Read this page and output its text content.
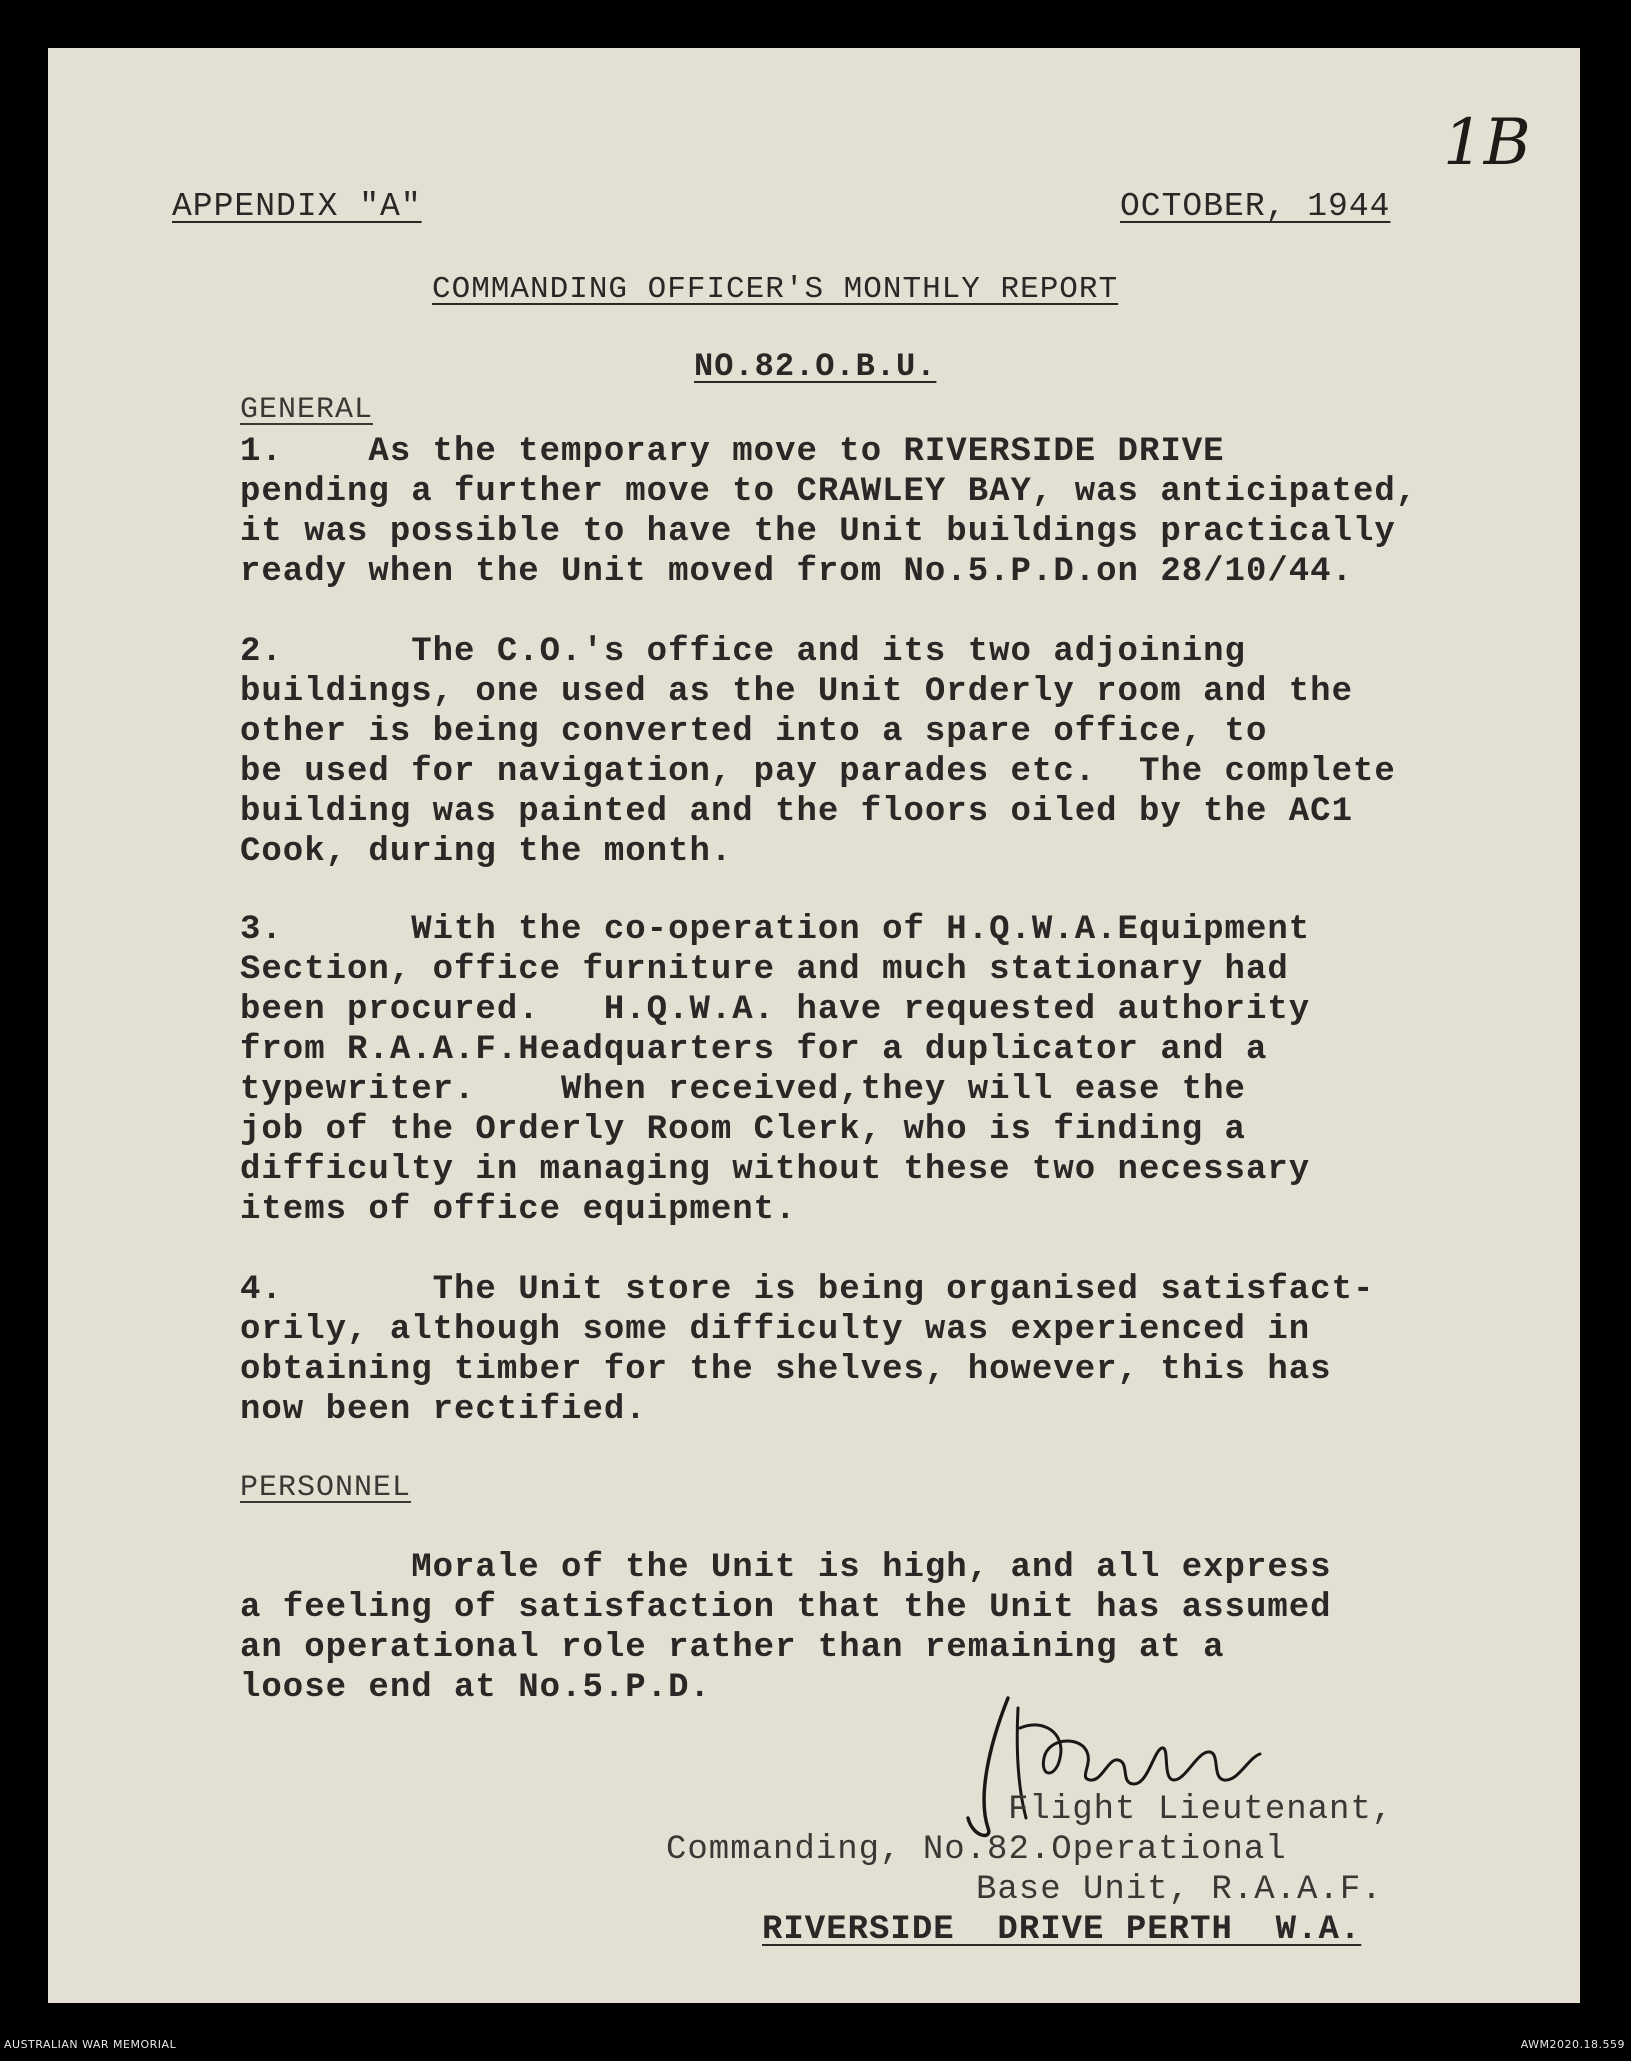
1B
APPENDIX "A"	OCTOBER, 1944
COMMANDING OFFICER'S MONTHLY REPORT
NO.82.O.B.U.
GENERAL
1.    As the temporary move to RIVERSIDE DRIVE
pending a further move to CRAWLEY BAY, was anticipated,
it was possible to have the Unit buildings practically
ready when the Unit moved from No.5.P.D.on 28/10/44.
2.      The C.O.'s office and its two adjoining
buildings, one used as the Unit Orderly room and the
other is being converted into a spare office, to
be used for navigation, pay parades etc.  The complete
building was painted and the floors oiled by the AC1
Cook, during the month.
3.      With the co-operation of H.Q.W.A.Equipment
Section, office furniture and much stationary had
been procured.   H.Q.W.A. have requested authority
from R.A.A.F.Headquarters for a duplicator and a
typewriter.    When received,they will ease the
job of the Orderly Room Clerk, who is finding a
difficulty in managing without these two necessary
items of office equipment.
4.       The Unit store is being organised satisfact-
orily, although some difficulty was experienced in
obtaining timber for the shelves, however, this has
now been rectified.
PERSONNEL
Morale of the Unit is high, and all express
a feeling of satisfaction that the Unit has assumed
an operational role rather than remaining at a
loose end at No.5.P.D.
Flight Lieutenant,
Commanding, No.82.Operational
Base Unit, R.A.A.F.
RIVERSIDE  DRIVE PERTH  W.A.
AUSTRALIAN WAR MEMORIAL	AWM2020.18.559
